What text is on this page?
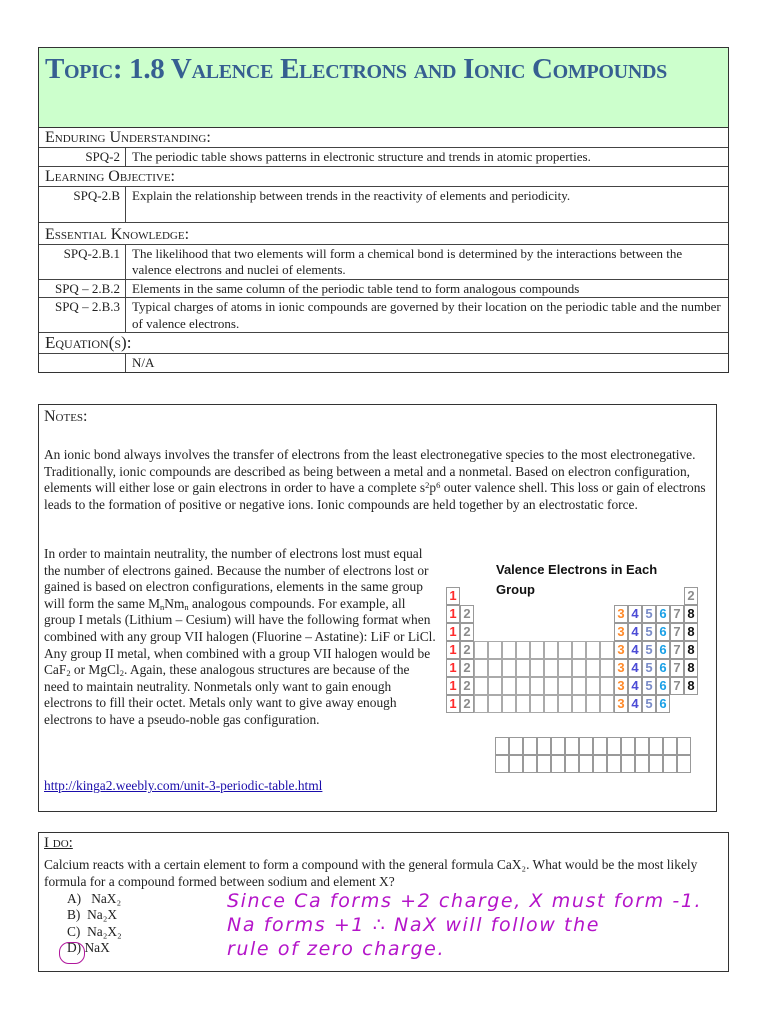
Topic: 1.8 Valence Electrons and Ionic Compounds
Enduring Understanding:
SPQ-2 The periodic table shows patterns in electronic structure and trends in atomic properties.
Learning Objective:
SPQ-2.B Explain the relationship between trends in the reactivity of elements and periodicity.
Essential Knowledge:
SPQ-2.B.1 The likelihood that two elements will form a chemical bond is determined by the interactions between the valence electrons and nuclei of elements.
SPQ – 2.B.2 Elements in the same column of the periodic table tend to form analogous compounds
SPQ – 2.B.3 Typical charges of atoms in ionic compounds are governed by their location on the periodic table and the number of valence electrons.
Equation(s):
N/A
Notes:
An ionic bond always involves the transfer of electrons from the least electronegative species to the most electronegative. Traditionally, ionic compounds are described as being between a metal and a nonmetal. Based on electron configuration, elements will either lose or gain electrons in order to have a complete $s^2p^6$ outer valence shell. This loss or gain of electrons leads to the formation of positive or negative ions. Ionic compounds are held together by an electrostatic force.
In order to maintain neutrality, the number of electrons lost must equal the number of electrons gained. Because the number of electrons lost or gained is based on electron configurations, elements in the same group will form the same $M_nNm_n$ analogous compounds. For example, all group I metals (Lithium – Cesium) will have the following format when combined with any group VII halogen (Fluorine – Astatine): LiF or LiCl. Any group II metal, when combined with a group VII halogen would be CaF$_2$ or MgCl$_2$. Again, these analogous structures are because of the need to maintain neutrality. Nonmetals only want to gain enough electrons to fill their octet. Metals only want to give away enough electrons to have a pseudo-noble gas configuration.
http://kinga2.weebly.com/unit-3-periodic-table.html
Valence Electrons in Each Group
1	2
1 2	3 4 5 6 7 8
1 2	3 4 5 6 7 8
1 2	3 4 5 6 7 8
1 2	3 4 5 6 7 8
1 2	3 4 5 6 7 8
1 2	3 4 5 6
I do:
Calcium reacts with a certain element to form a compound with the general formula CaX₂. What would be the most likely formula for a compound formed between sodium and element X?
A) NaX₂
B) Na₂X
C) Na₂X₂
D) NaX
Since Ca forms +2 charge, X must form -1.
Na forms +1 ∴ NaX will follow the
rule of zero charge.
